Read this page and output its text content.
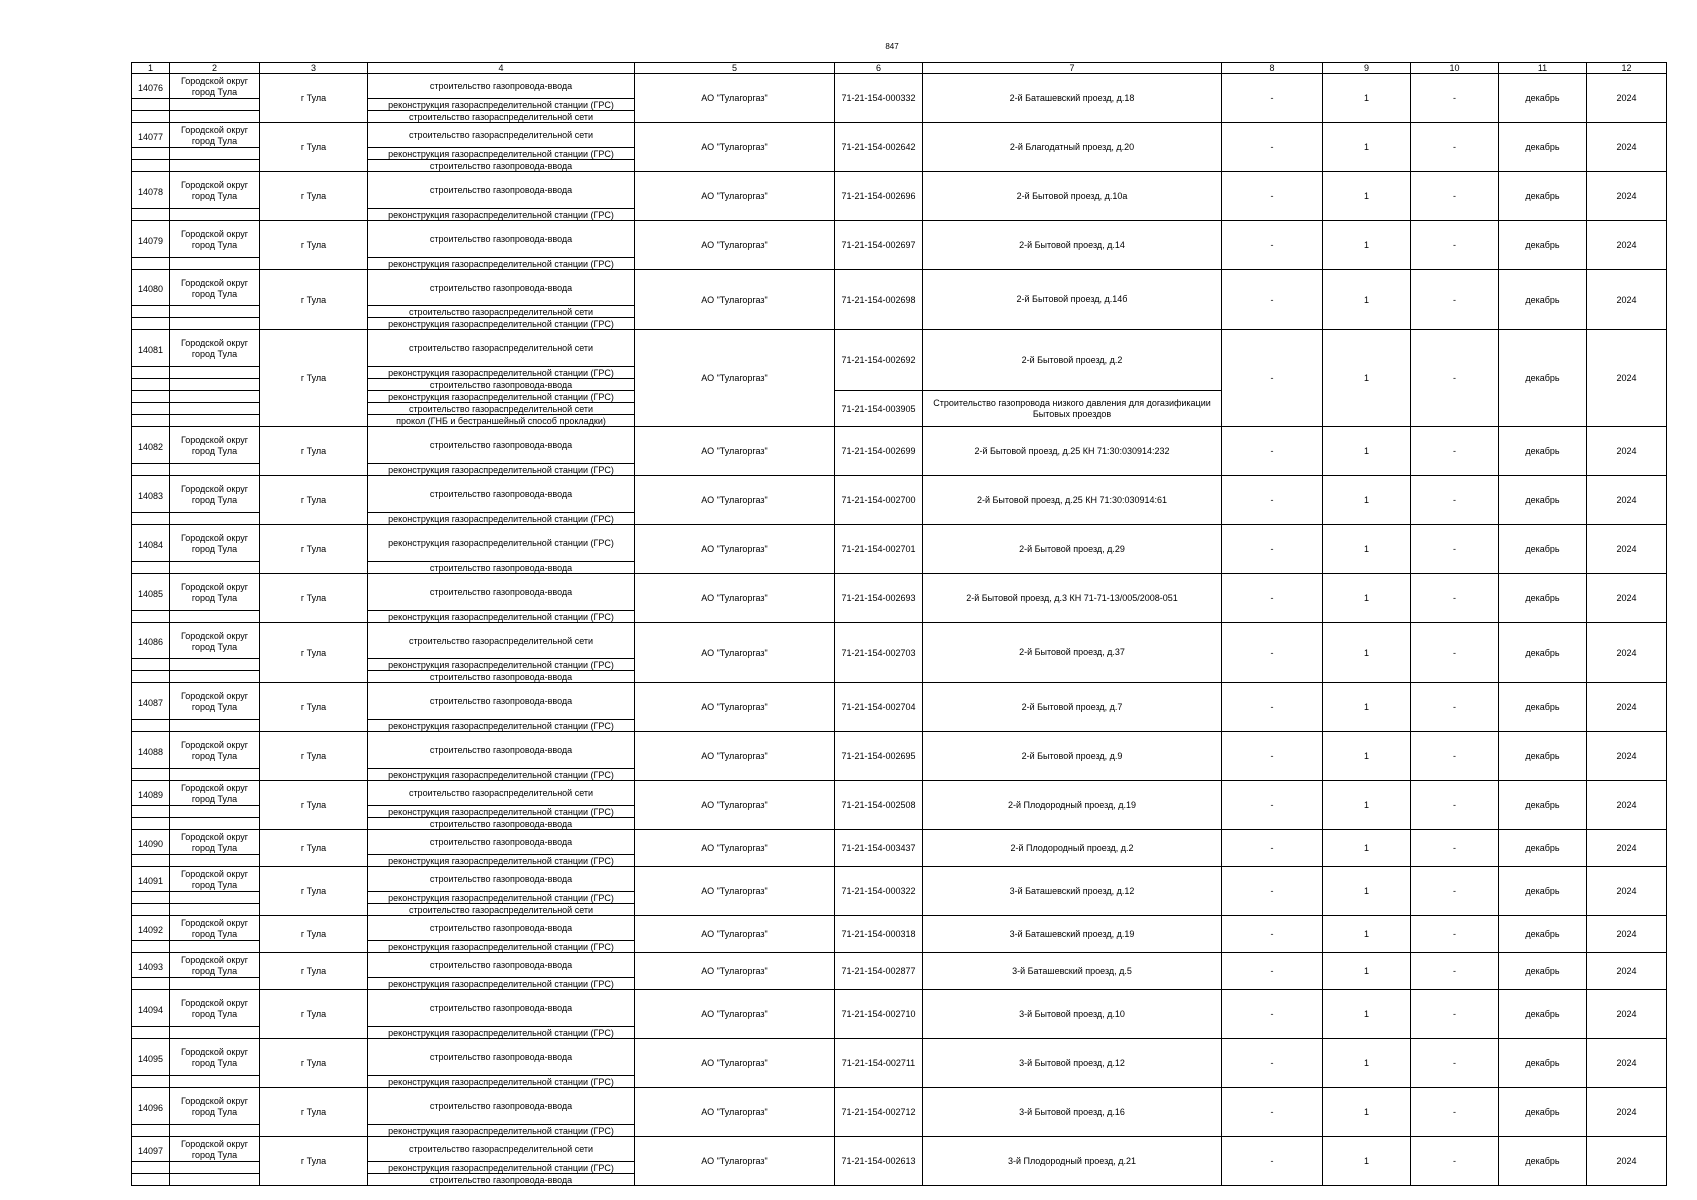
847
1	2	3	4	5	6	7	8	9	10	11	12
14076	Городской округ город Тула	г Тула	строительство газопровода-ввода	АО "Тулагоргаз"	71-21-154-000332	2-й Баташевский проезд, д.18	-	1	-	декабрь	2024
			реконструкция газораспределительной станции (ГРС)								
			строительство газораспределительной сети								
14077	Городской округ город Тула	г Тула	строительство газораспределительной сети	АО "Тулагоргаз"	71-21-154-002642	2-й Благодатный проезд, д.20	-	1	-	декабрь	2024
			реконструкция газораспределительной станции (ГРС)								
			строительство газопровода-ввода								
14078	Городской округ город Тула	г Тула	строительство газопровода-ввода	АО "Тулагоргаз"	71-21-154-002696	2-й Бытовой проезд, д.10а	-	1	-	декабрь	2024
			реконструкция газораспределительной станции (ГРС)								
14079	Городской округ город Тула	г Тула	строительство газопровода-ввода	АО "Тулагоргаз"	71-21-154-002697	2-й Бытовой проезд, д.14	-	1	-	декабрь	2024
			реконструкция газораспределительной станции (ГРС)								
14080	Городской округ город Тула	г Тула	строительство газопровода-ввода	АО "Тулагоргаз"	71-21-154-002698	2-й Бытовой проезд, д.14б	-	1	-	декабрь	2024
			строительство газораспределительной сети								
			реконструкция газораспределительной станции (ГРС)								
14081	Городской округ город Тула	г Тула	строительство газораспределительной сети	АО "Тулагоргаз"	71-21-154-002692	2-й Бытовой проезд, д.2	-	1	-	декабрь	2024
			реконструкция газораспределительной станции (ГРС)								
			строительство газопровода-ввода								
			реконструкция газораспределительной станции (ГРС)		71-21-154-003905	Строительство газопровода низкого давления для догазификации Бытовых проездов					
			строительство газораспределительной сети								
			прокол (ГНБ и бестраншейный способ прокладки)								
14082	Городской округ город Тула	г Тула	строительство газопровода-ввода	АО "Тулагоргаз"	71-21-154-002699	2-й Бытовой проезд, д.25 КН 71:30:030914:232	-	1	-	декабрь	2024
			реконструкция газораспределительной станции (ГРС)								
14083	Городской округ город Тула	г Тула	строительство газопровода-ввода	АО "Тулагоргаз"	71-21-154-002700	2-й Бытовой проезд, д.25 КН 71:30:030914:61	-	1	-	декабрь	2024
			реконструкция газораспределительной станции (ГРС)								
14084	Городской округ город Тула	г Тула	реконструкция газораспределительной станции (ГРС)	АО "Тулагоргаз"	71-21-154-002701	2-й Бытовой проезд, д.29	-	1	-	декабрь	2024
			строительство газопровода-ввода								
14085	Городской округ город Тула	г Тула	строительство газопровода-ввода	АО "Тулагоргаз"	71-21-154-002693	2-й Бытовой проезд, д.3 КН 71-71-13/005/2008-051	-	1	-	декабрь	2024
			реконструкция газораспределительной станции (ГРС)								
14086	Городской округ город Тула	г Тула	строительство газораспределительной сети	АО "Тулагоргаз"	71-21-154-002703	2-й Бытовой проезд, д.37	-	1	-	декабрь	2024
			реконструкция газораспределительной станции (ГРС)								
			строительство газопровода-ввода								
14087	Городской округ город Тула	г Тула	строительство газопровода-ввода	АО "Тулагоргаз"	71-21-154-002704	2-й Бытовой проезд, д.7	-	1	-	декабрь	2024
			реконструкция газораспределительной станции (ГРС)								
14088	Городской округ город Тула	г Тула	строительство газопровода-ввода	АО "Тулагоргаз"	71-21-154-002695	2-й Бытовой проезд, д.9	-	1	-	декабрь	2024
			реконструкция газораспределительной станции (ГРС)								
14089	Городской округ город Тула	г Тула	строительство газораспределительной сети	АО "Тулагоргаз"	71-21-154-002508	2-й Плодородный проезд, д.19	-	1	-	декабрь	2024
			реконструкция газораспределительной станции (ГРС)								
			строительство газопровода-ввода								
14090	Городской округ город Тула	г Тула	строительство газопровода-ввода	АО "Тулагоргаз"	71-21-154-003437	2-й Плодородный проезд, д.2	-	1	-	декабрь	2024
			реконструкция газораспределительной станции (ГРС)								
14091	Городской округ город Тула	г Тула	строительство газопровода-ввода	АО "Тулагоргаз"	71-21-154-000322	3-й Баташевский проезд, д.12	-	1	-	декабрь	2024
			реконструкция газораспределительной станции (ГРС)								
			строительство газораспределительной сети								
14092	Городской округ город Тула	г Тула	строительство газопровода-ввода	АО "Тулагоргаз"	71-21-154-000318	3-й Баташевский проезд, д.19	-	1	-	декабрь	2024
			реконструкция газораспределительной станции (ГРС)								
14093	Городской округ город Тула	г Тула	строительство газопровода-ввода	АО "Тулагоргаз"	71-21-154-002877	3-й Баташевский проезд, д.5	-	1	-	декабрь	2024
			реконструкция газораспределительной станции (ГРС)								
14094	Городской округ город Тула	г Тула	строительство газопровода-ввода	АО "Тулагоргаз"	71-21-154-002710	3-й Бытовой проезд, д.10	-	1	-	декабрь	2024
			реконструкция газораспределительной станции (ГРС)								
14095	Городской округ город Тула	г Тула	строительство газопровода-ввода	АО "Тулагоргаз"	71-21-154-002711	3-й Бытовой проезд, д.12	-	1	-	декабрь	2024
			реконструкция газораспределительной станции (ГРС)								
14096	Городской округ город Тула	г Тула	строительство газопровода-ввода	АО "Тулагоргаз"	71-21-154-002712	3-й Бытовой проезд, д.16	-	1	-	декабрь	2024
			реконструкция газораспределительной станции (ГРС)								
14097	Городской округ город Тула	г Тула	строительство газораспределительной сети	АО "Тулагоргаз"	71-21-154-002613	3-й Плодородный проезд, д.21	-	1	-	декабрь	2024
			реконструкция газораспределительной станции (ГРС)								
			строительство газопровода-ввода								
